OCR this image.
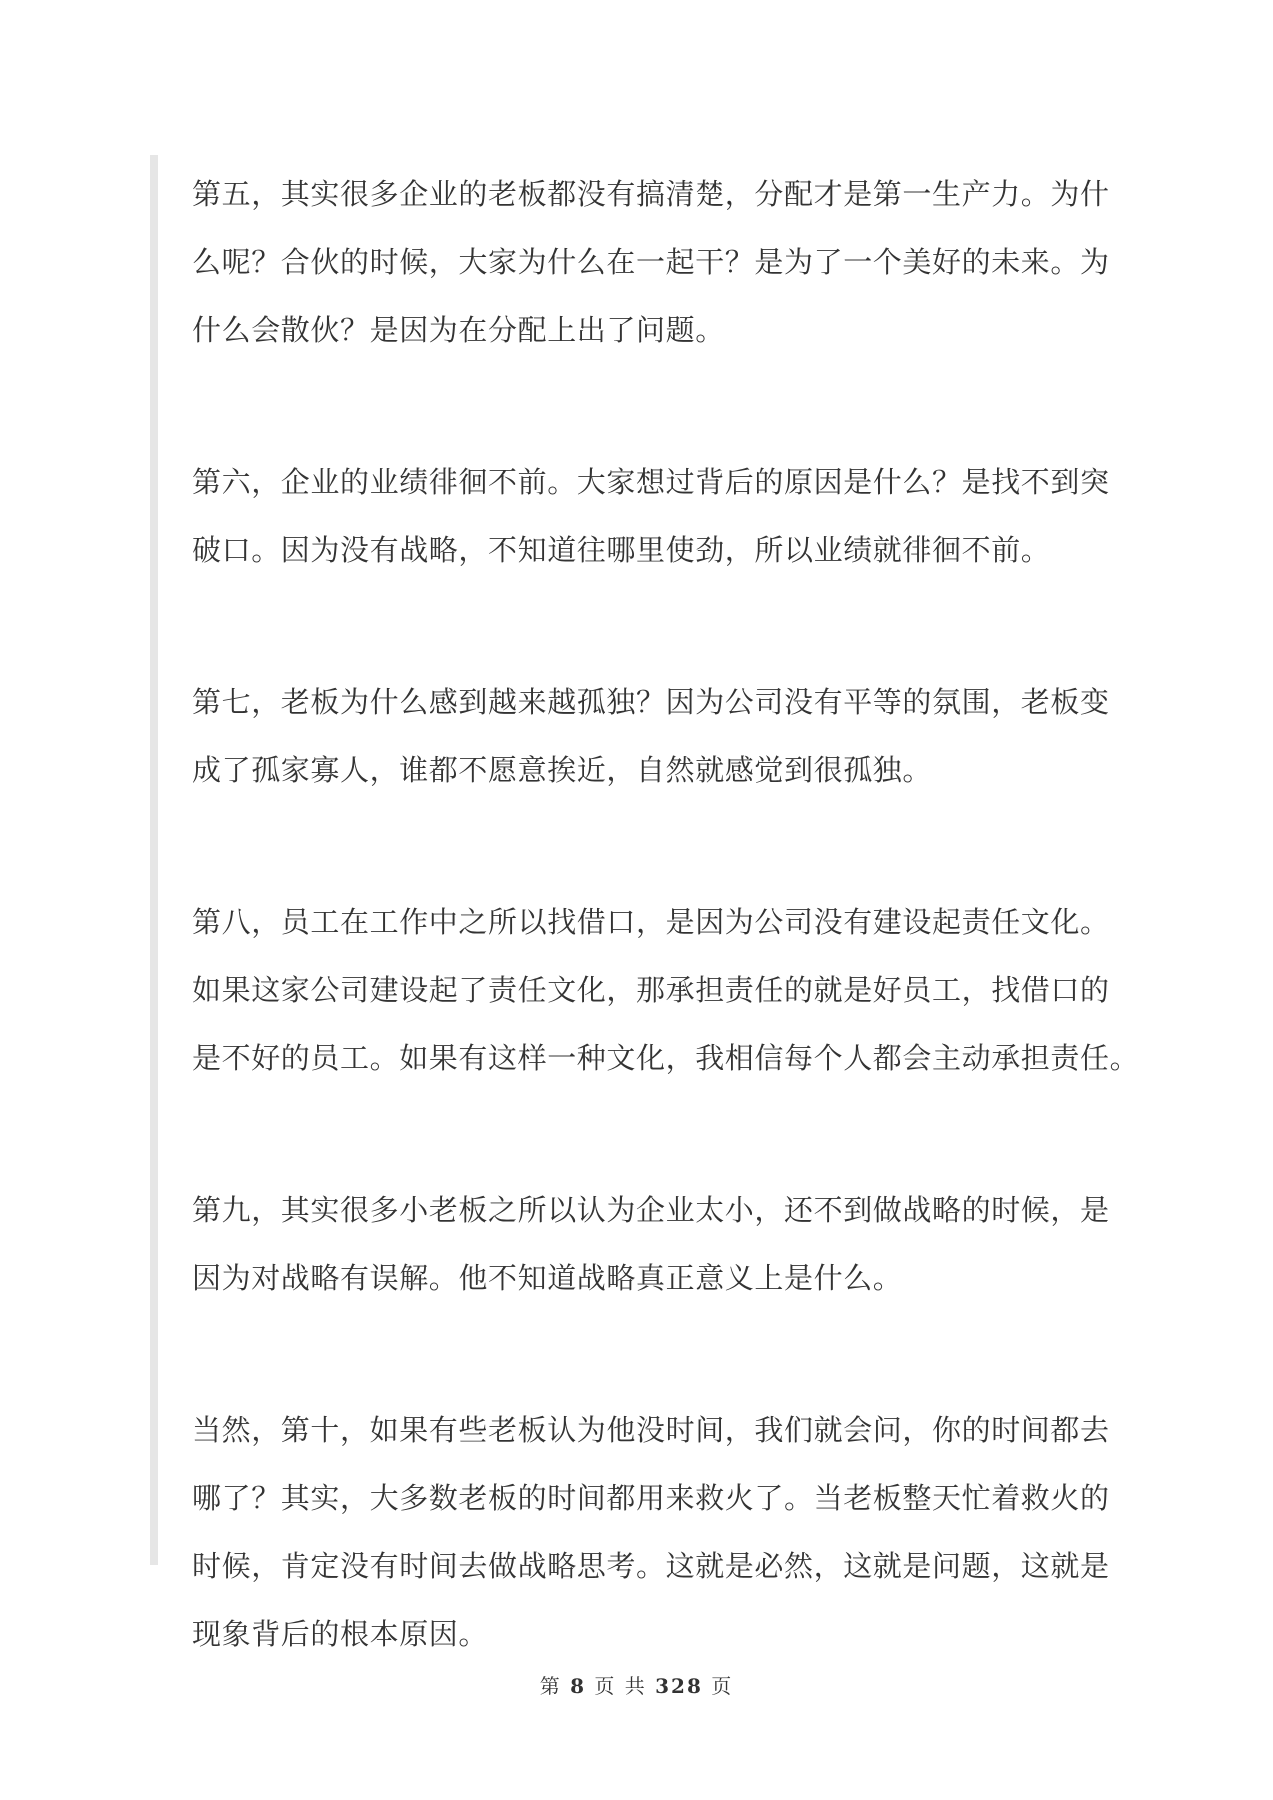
第五，其实很多企业的老板都没有搞清楚，分配才是第一生产力。为什
么呢？合伙的时候，大家为什么在一起干？是为了一个美好的未来。为
什么会散伙？是因为在分配上出了问题。

第六，企业的业绩徘徊不前。大家想过背后的原因是什么？是找不到突
破口。因为没有战略，不知道往哪里使劲，所以业绩就徘徊不前。

第七，老板为什么感到越来越孤独？因为公司没有平等的氛围，老板变
成了孤家寡人，谁都不愿意挨近，自然就感觉到很孤独。

第八，员工在工作中之所以找借口，是因为公司没有建设起责任文化。
如果这家公司建设起了责任文化，那承担责任的就是好员工，找借口的
是不好的员工。如果有这样一种文化，我相信每个人都会主动承担责任。

第九，其实很多小老板之所以认为企业太小，还不到做战略的时候，是
因为对战略有误解。他不知道战略真正意义上是什么。

当然，第十，如果有些老板认为他没时间，我们就会问，你的时间都去
哪了？其实，大多数老板的时间都用来救火了。当老板整天忙着救火的
时候，肯定没有时间去做战略思考。这就是必然，这就是问题，这就是
现象背后的根本原因。

第 8 页 共 328 页
